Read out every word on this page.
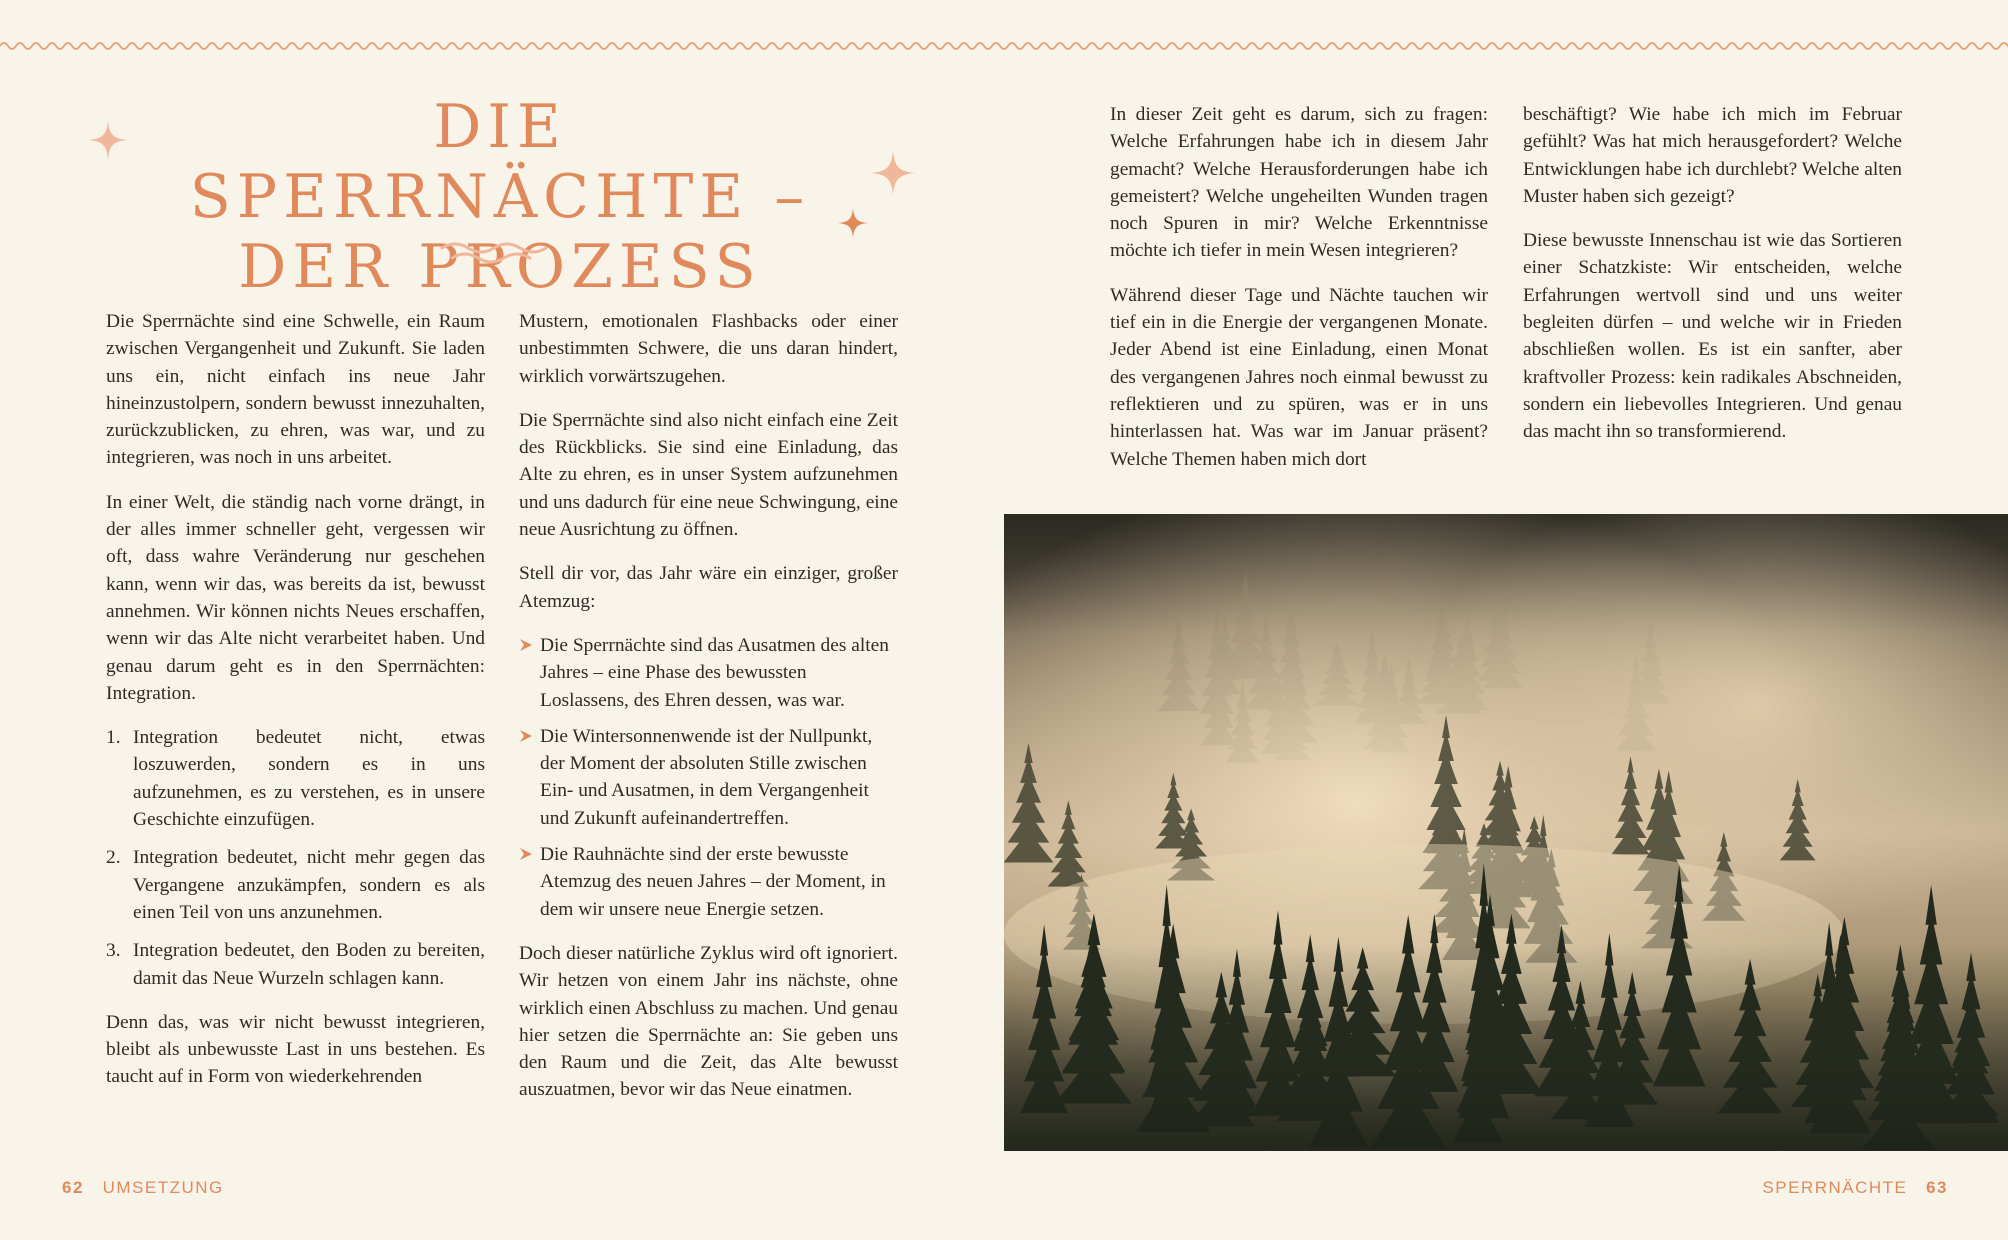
DIE SPERRNÄCHTE –
DER PROZESS

Die Sperrnächte sind eine Schwelle, ein Raum zwischen Vergangenheit und Zukunft. Sie laden uns ein, nicht einfach ins neue Jahr hineinzustolpern, sondern bewusst innezuhalten, zurückzublicken, zu ehren, was war, und zu integrieren, was noch in uns arbeitet.

In einer Welt, die ständig nach vorne drängt, in der alles immer schneller geht, vergessen wir oft, dass wahre Veränderung nur geschehen kann, wenn wir das, was bereits da ist, bewusst annehmen. Wir können nichts Neues erschaffen, wenn wir das Alte nicht verarbeitet haben. Und genau darum geht es in den Sperrnächten: Integration.

1. Integration bedeutet nicht, etwas loszuwerden, sondern es in uns aufzunehmen, es zu verstehen, es in unsere Geschichte einzufügen.
2. Integration bedeutet, nicht mehr gegen das Vergangene anzukämpfen, sondern es als einen Teil von uns anzunehmen.
3. Integration bedeutet, den Boden zu bereiten, damit das Neue Wurzeln schlagen kann.

Denn das, was wir nicht bewusst integrieren, bleibt als unbewusste Last in uns bestehen. Es taucht auf in Form von wiederkehrenden

Mustern, emotionalen Flashbacks oder einer unbestimmten Schwere, die uns daran hindert, wirklich vorwärtszugehen.

Die Sperrnächte sind also nicht einfach eine Zeit des Rückblicks. Sie sind eine Einladung, das Alte zu ehren, es in unser System aufzunehmen und uns dadurch für eine neue Schwingung, eine neue Ausrichtung zu öffnen.

Stell dir vor, das Jahr wäre ein einziger, großer Atemzug:

Die Sperrnächte sind das Ausatmen des alten Jahres – eine Phase des bewussten Loslassens, des Ehren dessen, was war.
Die Wintersonnenwende ist der Nullpunkt, der Moment der absoluten Stille zwischen Ein- und Ausatmen, in dem Vergangenheit und Zukunft aufeinandertreffen.
Die Rauhnächte sind der erste bewusste Atemzug des neuen Jahres – der Moment, in dem wir unsere neue Energie setzen.

Doch dieser natürliche Zyklus wird oft ignoriert. Wir hetzen von einem Jahr ins nächste, ohne wirklich einen Abschluss zu machen. Und genau hier setzen die Sperrnächte an: Sie geben uns den Raum und die Zeit, das Alte bewusst auszuatmen, bevor wir das Neue einatmen.

In dieser Zeit geht es darum, sich zu fragen: Welche Erfahrungen habe ich in diesem Jahr gemacht? Welche Herausforderungen habe ich gemeistert? Welche ungeheilten Wunden tragen noch Spuren in mir? Welche Erkenntnisse möchte ich tiefer in mein Wesen integrieren?

Während dieser Tage und Nächte tauchen wir tief ein in die Energie der vergangenen Monate. Jeder Abend ist eine Einladung, einen Monat des vergangenen Jahres noch einmal bewusst zu reflektieren und zu spüren, was er in uns hinterlassen hat. Was war im Januar präsent? Welche Themen haben mich dort

beschäftigt? Wie habe ich mich im Februar gefühlt? Was hat mich herausgefordert? Welche Entwicklungen habe ich durchlebt? Welche alten Muster haben sich gezeigt?

Diese bewusste Innenschau ist wie das Sortieren einer Schatzkiste: Wir entscheiden, welche Erfahrungen wertvoll sind und uns weiter begleiten dürfen – und welche wir in Frieden abschließen wollen. Es ist ein sanfter, aber kraftvoller Prozess: kein radikales Abschneiden, sondern ein liebevolles Integrieren. Und genau das macht ihn so transformierend.

62 UMSETZUNG	SPERRNÄCHTE 63
